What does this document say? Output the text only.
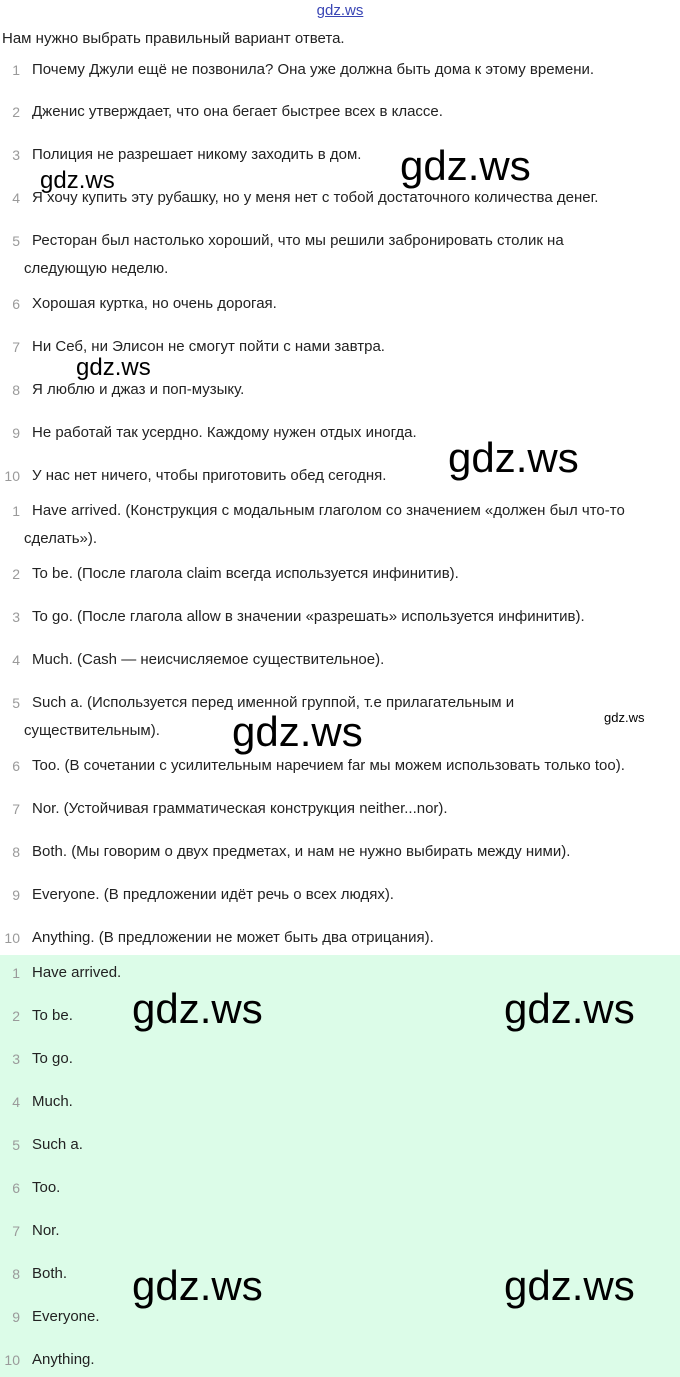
gdz.ws
Нам нужно выбрать правильный вариант ответа.
1 Почему Джули ещё не позвонила? Она уже должна быть дома к этому времени.
2 Дженис утверждает, что она бегает быстрее всех в классе.
3 Полиция не разрешает никому заходить в дом.
4 Я хочу купить эту рубашку, но у меня нет с тобой достаточного количества денег.
5 Ресторан был настолько хороший, что мы решили забронировать столик на
следующую неделю.
6 Хорошая куртка, но очень дорогая.
7 Ни Себ, ни Элисон не смогут пойти с нами завтра.
8 Я люблю и джаз и поп-музыку.
9 Не работай так усердно. Каждому нужен отдых иногда.
10 У нас нет ничего, чтобы приготовить обед сегодня.
1 Have arrived. (Конструкция с модальным глаголом со значением «должен был что-то
сделать»).
2 To be. (После глагола claim всегда используется инфинитив).
3 To go. (После глагола allow в значении «разрешать» используется инфинитив).
4 Much. (Cash — неисчисляемое существительное).
5 Such a. (Используется перед именной группой, т.е прилагательным и
существительным).
6 Too. (В сочетании с усилительным наречием far мы можем использовать только too).
7 Nor. (Устойчивая грамматическая конструкция neither...nor).
8 Both. (Мы говорим о двух предметах, и нам не нужно выбирать между ними).
9 Everyone. (В предложении идёт речь о всех людях).
10 Anything. (В предложении не может быть два отрицания).
1 Have arrived.
2 To be.
3 To go.
4 Much.
5 Such a.
6 Too.
7 Nor.
8 Both.
9 Everyone.
10 Anything.
gdz.ws
gdz.ws
gdz.ws
gdz.ws
gdz.ws
gdz.ws
gdz.ws	gdz.ws
gdz.ws	gdz.ws
